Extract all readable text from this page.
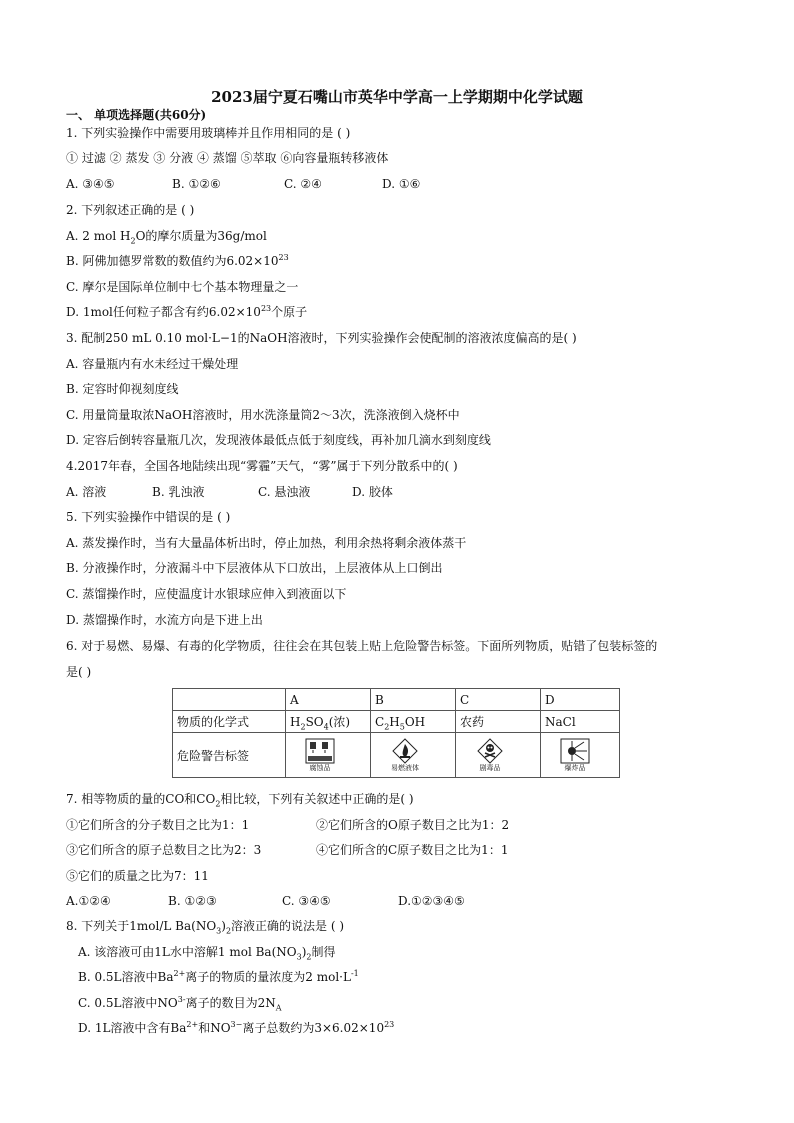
2023届宁夏石嘴山市英华中学高一上学期期中化学试题
一、 单项选择题(共60分)
1. 下列实验操作中需要用玻璃棒并且作用相同的是 ( )
① 过滤 ② 蒸发 ③ 分液 ④ 蒸馏 ⑤萃取 ⑥向容量瓶转移液体
A. ③④⑤	B. ①②⑥	C. ②④	D. ①⑥
2. 下列叙述正确的是 ( )
A. 2 mol $H_2O$的摩尔质量为36g/mol
B. 阿佛加德罗常数的数值约为$6.02\times 10^{23}$
C. 摩尔是国际单位制中七个基本物理量之一
D. 1mol任何粒子都含有约$6.02\times 10^{23}$个原子
3. 配制250 mL 0.10 mol·L−1的NaOH溶液时，下列实验操作会使配制的溶液浓度偏高的是( )
A. 容量瓶内有水未经过干燥处理
B. 定容时仰视刻度线
C. 用量筒量取浓NaOH溶液时，用水洗涤量筒2～3次，洗涤液倒入烧杯中
D. 定容后倒转容量瓶几次，发现液体最低点低于刻度线，再补加几滴水到刻度线
4.2017年春，全国各地陆续出现“雾霾”天气，“雾”属于下列分散系中的( )
A. 溶液	B. 乳浊液	C. 悬浊液	D. 胶体
5. 下列实验操作中错误的是 ( )
A. 蒸发操作时，当有大量晶体析出时，停止加热，利用余热将剩余液体蒸干
B. 分液操作时，分液漏斗中下层液体从下口放出，上层液体从上口倒出
C. 蒸馏操作时，应使温度计水银球应伸入到液面以下
D. 蒸馏操作时，水流方向是下进上出
6. 对于易燃、易爆、有毒的化学物质，往往会在其包装上贴上危险警告标签。下面所列物质，贴错了包装标签的
是( )
	A	B	C	D
物质的化学式	$H_2SO_4$(浓)	$C_2H_5OH$	农药	NaCl
危险警告标签	腐蚀品	易燃液体	剧毒品	爆炸品
7. 相等物质的量的CO和$CO_2$相比较，下列有关叙述中正确的是( )
①它们所含的分子数目之比为1：1	②它们所含的O原子数目之比为1：2
③它们所含的原子总数目之比为2：3	④它们所含的C原子数目之比为1：1
⑤它们的质量之比为7：11
A.①②④	B. ①②③	C. ③④⑤	D.①②③④⑤
8. 下列关于1mol/L $Ba(NO_3)_2$溶液正确的说法是 ( )
A. 该溶液可由1L水中溶解1 mol $Ba(NO_3)_2$制得
B. 0.5L溶液中$Ba^{2+}$离子的物质的量浓度为2 $mol\cdot L^{-1}$
C. 0.5L溶液中$NO^{3-}$离子的数目为$2N_A$
D. 1L溶液中含有$Ba^{2+}$和$NO^{3-}$离子总数约为$3\times 6.02\times 10^{23}$
